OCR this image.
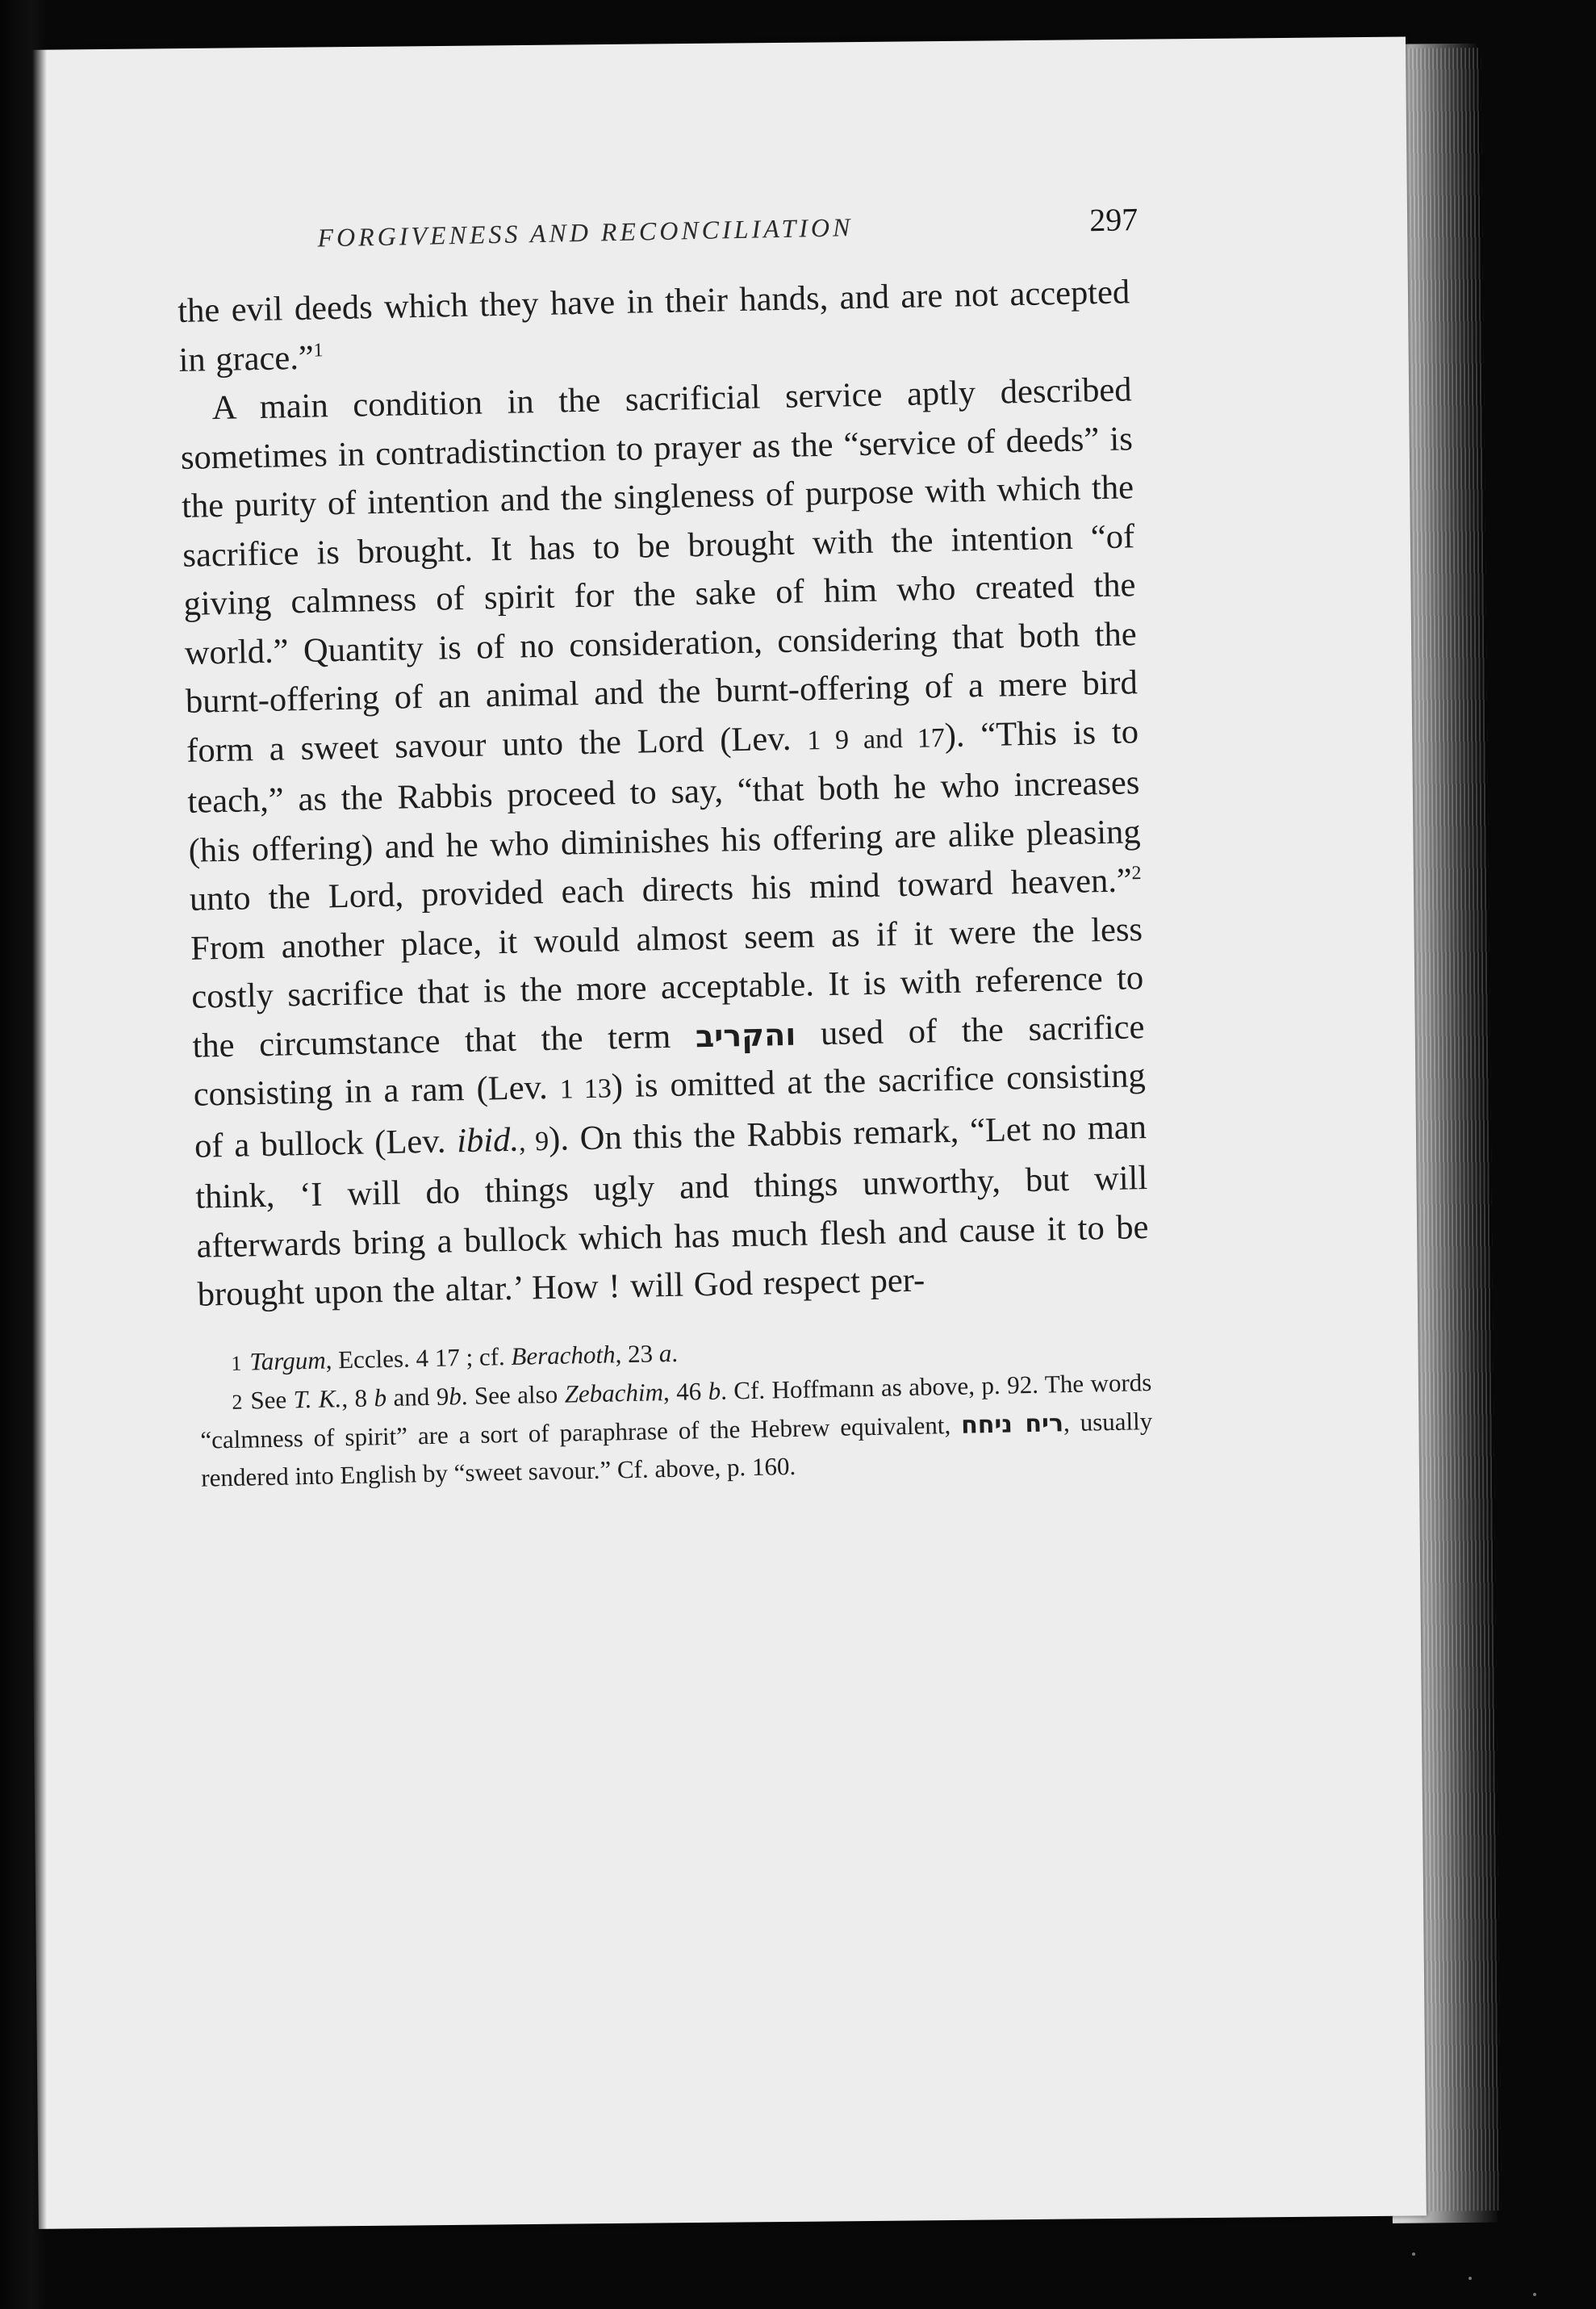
FORGIVENESS AND RECONCILIATION	297

the evil deeds which they have in their hands, and are not accepted in grace.”$^1$

A main condition in the sacrificial service aptly described sometimes in contradistinction to prayer as the “service of deeds” is the purity of intention and the singleness of purpose with which the sacrifice is brought. It has to be brought with the intention “of giving calmness of spirit for the sake of him who created the world.” Quantity is of no consideration, considering that both the burnt-offering of an animal and the burnt-offering of a mere bird form a sweet savour unto the Lord (Lev. 1 9 and 17). “This is to teach,” as the Rabbis proceed to say, “that both he who increases (his offering) and he who diminishes his offering are alike pleasing unto the Lord, provided each directs his mind toward heaven.”$^2$ From another place, it would almost seem as if it were the less costly sacrifice that is the more acceptable. It is with reference to the circumstance that the term והקריב used of the sacrifice consisting in a ram (Lev. 1 13) is omitted at the sacrifice consisting of a bullock (Lev. ibid., 9). On this the Rabbis remark, “Let no man think, ‘I will do things ugly and things unworthy, but will afterwards bring a bullock which has much flesh and cause it to be brought upon the altar.’ How ! will God respect per-

1 Targum, Eccles. 4 17 ; cf. Berachoth, 23 a.

2 See T. K., 8 b and 9b. See also Zebachim, 46 b. Cf. Hoffmann as above, p. 92. The words “calmness of spirit” are a sort of paraphrase of the Hebrew equivalent, ריח ניחח, usually rendered into English by “sweet savour.” Cf. above, p. 160.
